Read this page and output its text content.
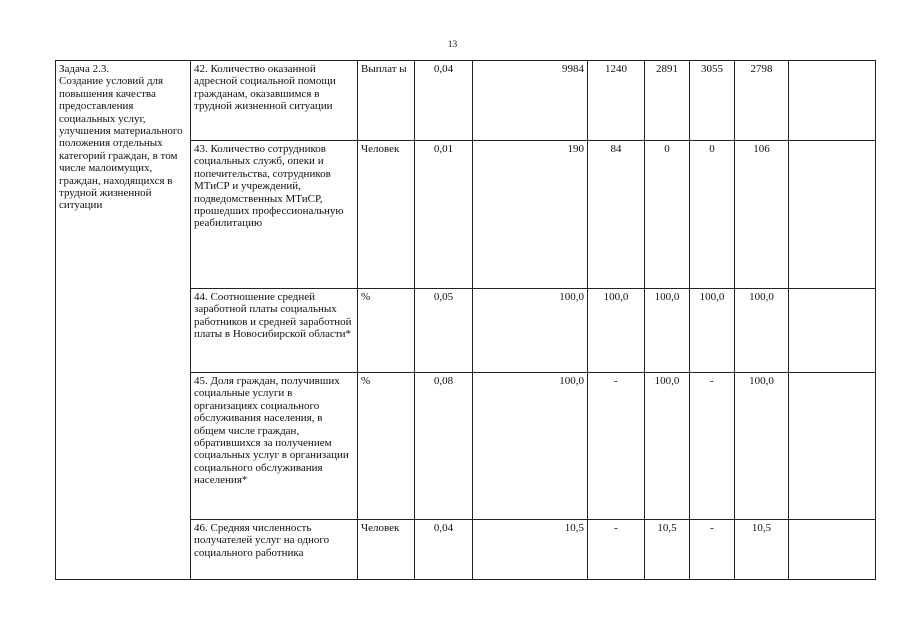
13
Задача 2.3.
Создание условий для повышения качества предоставления социальных услуг, улучшения материального положения отдельных категорий граждан, в том числе малоимущих, граждан, находящихся в трудной жизненной ситуации	42. Количество оказанной адресной социальной помощи гражданам, оказавшимся в трудной жизненной ситуации	Выплат ы	0,04	9984	1240	2891	3055	2798	
	43. Количество сотрудников социальных служб, опеки и попечительства, сотрудников МТиСР и учреждений, подведомственных МТиСР, прошедших профессиональную реабилитацию	Человек	0,01	190	84	0	0	106	
	44. Соотношение средней заработной платы социальных работников и средней заработной платы в Новосибирской области*	%	0,05	100,0	100,0	100,0	100,0	100,0	
	45. Доля граждан, получивших социальные услуги в организациях социального обслуживания населения, в общем числе граждан, обратившихся за получением социальных услуг в организации социального обслуживания населения*	%	0,08	100,0	-	100,0	-	100,0	
	46. Средняя численность получателей услуг на одного социального работника	Человек	0,04	10,5	-	10,5	-	10,5	
